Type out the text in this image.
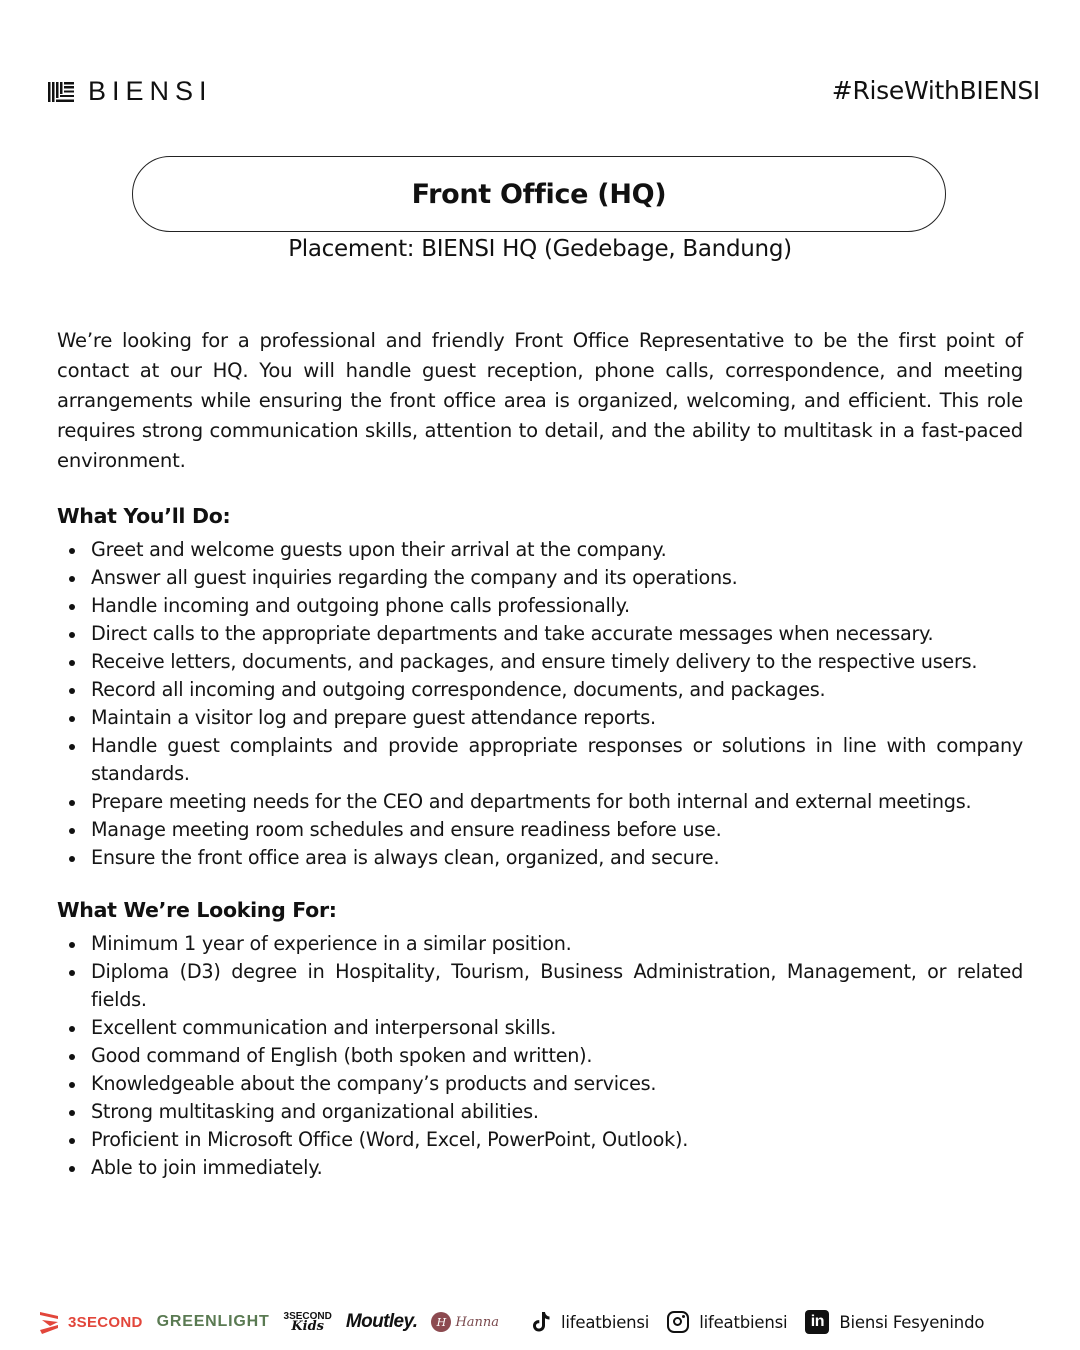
BIENSI	#RiseWithBIENSI
Front Office (HQ)
Placement: BIENSI HQ (Gedebage, Bandung)

We’re looking for a professional and friendly Front Office Representative to be the first point of contact at our HQ. You will handle guest reception, phone calls, correspondence, and meeting arrangements while ensuring the front office area is organized, welcoming, and efficient. This role requires strong communication skills, attention to detail, and the ability to multitask in a fast-paced environment.

What You’ll Do:
Greet and welcome guests upon their arrival at the company.
Answer all guest inquiries regarding the company and its operations.
Handle incoming and outgoing phone calls professionally.
Direct calls to the appropriate departments and take accurate messages when necessary.
Receive letters, documents, and packages, and ensure timely delivery to the respective users.
Record all incoming and outgoing correspondence, documents, and packages.
Maintain a visitor log and prepare guest attendance reports.
Handle guest complaints and provide appropriate responses or solutions in line with company standards.
Prepare meeting needs for the CEO and departments for both internal and external meetings.
Manage meeting room schedules and ensure readiness before use.
Ensure the front office area is always clean, organized, and secure.
What We’re Looking For:
Minimum 1 year of experience in a similar position.
Diploma (D3) degree in Hospitality, Tourism, Business Administration, Management, or related fields.
Excellent communication and interpersonal skills.
Good command of English (both spoken and written).
Knowledgeable about the company’s products and services.
Strong multitasking and organizational abilities.
Proficient in Microsoft Office (Word, Excel, PowerPoint, Outlook).
Able to join immediately.
3SECOND GREENLIGHT 3SECOND
Kids	Moutley.	H Hanna	lifeatbiensi	lifeatbiensi	in Biensi Fesyenindo
